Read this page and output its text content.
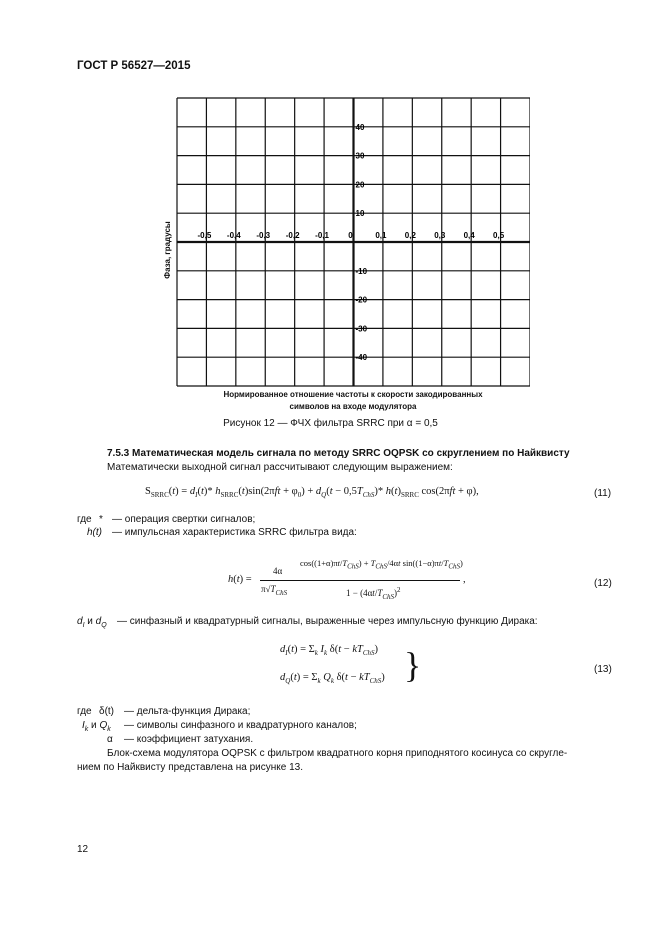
ГОСТ Р 56527—2015
-0,5 -0,4 -0,3 -0,2 -0,1 0	0,1 0,2 0,3 0,4 0,5
40
30
20
10
-10
-20
-30
-40
Фаза, градусы
Нормированное отношение частоты к скорости закодированных
символов на входе модулятора
Рисунок 12 — ФЧХ фильтра SRRC при α = 0,5
7.5.3 Математическая модель сигнала по методу SRRC OQPSK со скруглением по Найквисту
Математически выходной сигнал рассчитывают следующим выражением:
$S_{SRRC}(t) = d_I(t)*$ $h_{SRRC}(t)\sin(2\pi ft + \varphi_0) + d_Q(t - 0,5T_{ChS})*$ $h(t)_{SRRC}$ cos(2πft + φ),	(11)
где * — операция свертки сигналов;
h(t) — импульсная характеристика SRRC фильтра вида:
h(t) =
4α
$\pi√T_{ChS}$
$\cos((1+\alpha)\pi t/T_{ChS}) + T_{ChS}/4\alpha t$ $\sin((1-\alpha)\pi t/T_{ChS})$
$1 - (4\alpha t/T_{ChS})^2$
,	(12)
$d_I$ и $d_Q$ — синфазный и квадратурный сигналы, выраженные через импульсную функцию Дирака:
$d_I(t) = \Sigma_k$ $I_k$ $\delta(t - kT_{ChS})$
$d_Q(t) = \Sigma_k$ $Q_k$ $\delta(t - kT_{ChS})$ }	(13)
где δ(t) — дельта-функция Дирака;
$I_k$ и $Q_k$ — символы синфазного и квадратурного каналов;
α — коэффициент затухания.
Блок-схема модулятора OQPSK с фильтром квадратного корня приподнятого косинуса со скругле-
нием по Найквисту представлена на рисунке 13.
12
